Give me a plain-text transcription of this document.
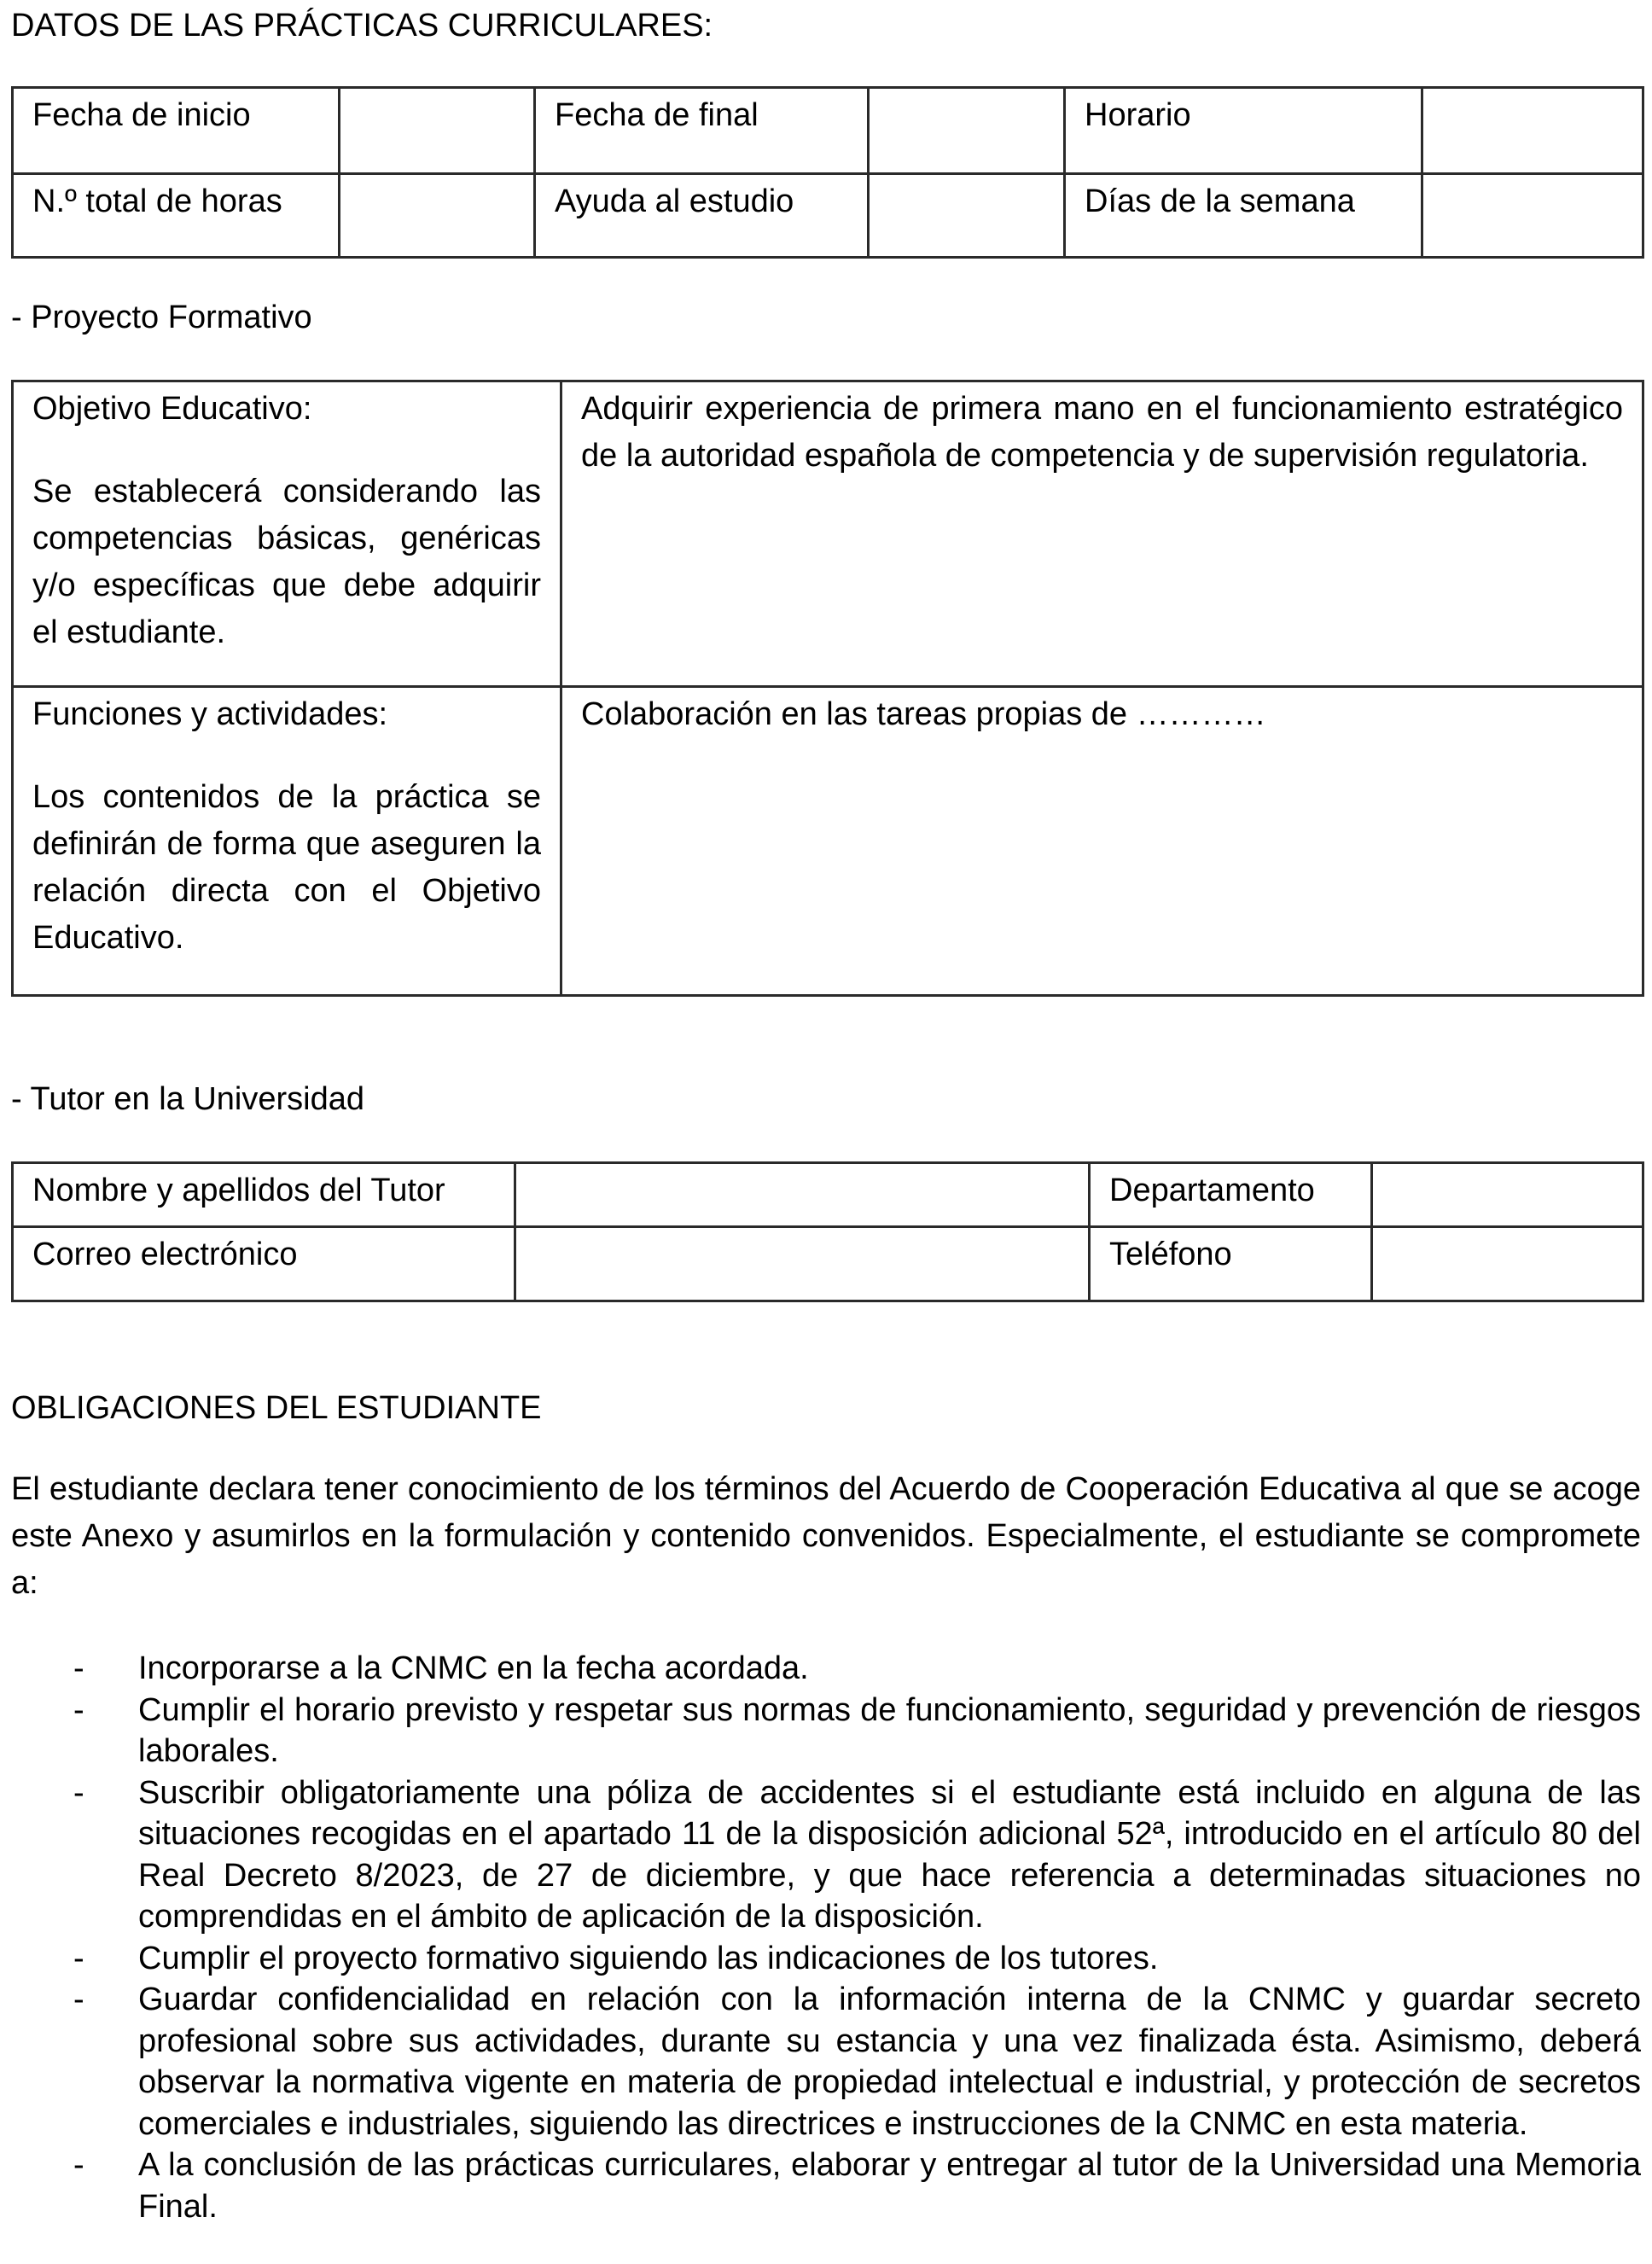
DATOS DE LAS PRÁCTICAS CURRICULARES:
Fecha de inicio		Fecha de final		Horario	

N.º total de horas		Ayuda al estudio		Días de la semana	

- Proyecto Formativo
Objetivo Educativo:
Se establecerá considerando las competencias básicas, genéricas y/o específicas que debe adquirir el estudiante.	Adquirir experiencia de primera mano en el funcionamiento estratégico de la autoridad española de competencia y de supervisión regulatoria.

Funciones y actividades:
Los contenidos de la práctica se definirán de forma que aseguren la relación directa con el Objetivo Educativo.	Colaboración en las tareas propias de …………
- Tutor en la Universidad
Nombre y apellidos del Tutor		Departamento	

Correo electrónico		Teléfono	

OBLIGACIONES DEL ESTUDIANTE
El estudiante declara tener conocimiento de los términos del Acuerdo de Cooperación Educativa al que se acoge este Anexo y asumirlos en la formulación y contenido convenidos. Especialmente, el estudiante se compromete a:
- Incorporarse a la CNMC en la fecha acordada.
- Cumplir el horario previsto y respetar sus normas de funcionamiento, seguridad y prevención de riesgos laborales.
- Suscribir obligatoriamente una póliza de accidentes si el estudiante está incluido en alguna de las situaciones recogidas en el apartado 11 de la disposición adicional 52ª, introducido en el artículo 80 del Real Decreto 8/2023, de 27 de diciembre, y que hace referencia a determinadas situaciones no comprendidas en el ámbito de aplicación de la disposición.
- Cumplir el proyecto formativo siguiendo las indicaciones de los tutores.
- Guardar confidencialidad en relación con la información interna de la CNMC y guardar secreto profesional sobre sus actividades, durante su estancia y una vez finalizada ésta. Asimismo, deberá observar la normativa vigente en materia de propiedad intelectual e industrial, y protección de secretos comerciales e industriales, siguiendo las directrices e instrucciones de la CNMC en esta materia.
- A la conclusión de las prácticas curriculares, elaborar y entregar al tutor de la Universidad una Memoria Final.
